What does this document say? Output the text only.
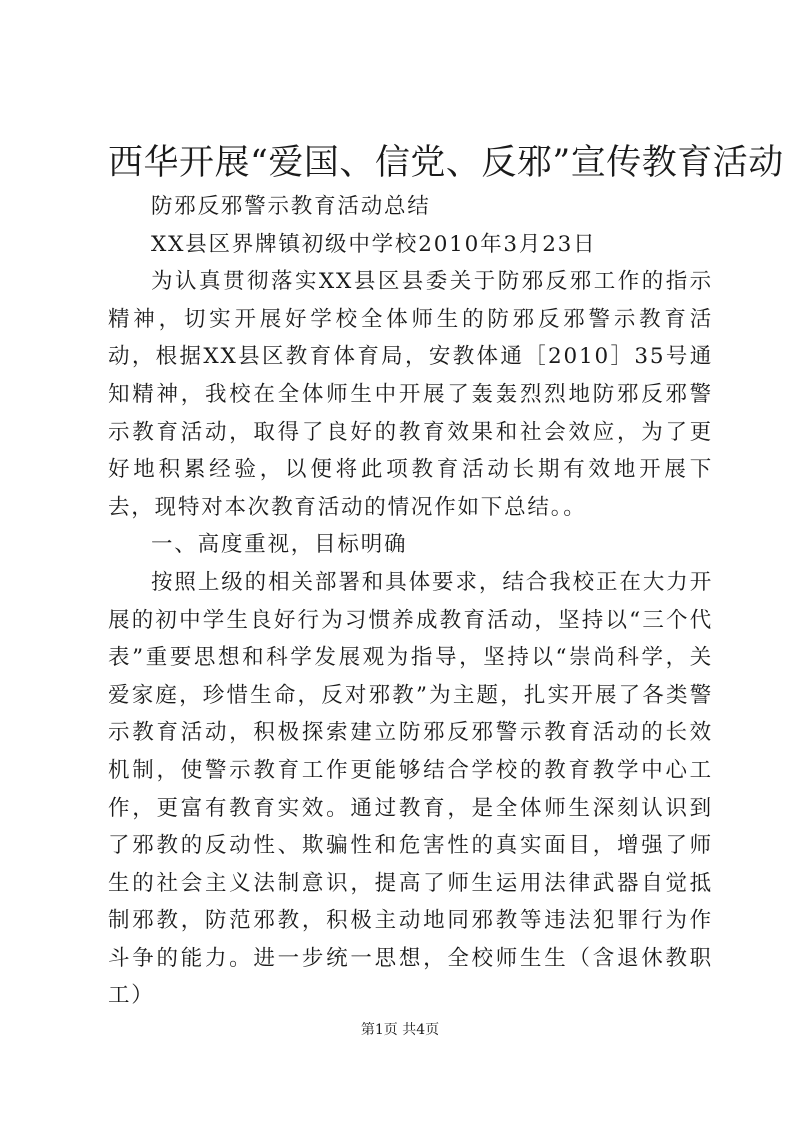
西华开展“爱国、信党、反邪”宣传教育活动

防邪反邪警示教育活动总结

XX县区界牌镇初级中学校2010年3月23日

为认真贯彻落实XX县区县委关于防邪反邪工作的指示精神，切实开展好学校全体师生的防邪反邪警示教育活动，根据XX县区教育体育局，安教体通［2010］35号通知精神，我校在全体师生中开展了轰轰烈烈地防邪反邪警示教育活动，取得了良好的教育效果和社会效应，为了更好地积累经验，以便将此项教育活动长期有效地开展下去，现特对本次教育活动的情况作如下总结。。

一、高度重视，目标明确

按照上级的相关部署和具体要求，结合我校正在大力开展的初中学生良好行为习惯养成教育活动，坚持以“三个代表”重要思想和科学发展观为指导，坚持以“崇尚科学，关爱家庭，珍惜生命，反对邪教”为主题，扎实开展了各类警示教育活动，积极探索建立防邪反邪警示教育活动的长效机制，使警示教育工作更能够结合学校的教育教学中心工作，更富有教育实效。通过教育，是全体师生深刻认识到了邪教的反动性、欺骗性和危害性的真实面目，增强了师生的社会主义法制意识，提高了师生运用法律武器自觉抵制邪教，防范邪教，积极主动地同邪教等违法犯罪行为作斗争的能力。进一步统一思想，全校师生生（含退休教职工）

第1页 共4页
